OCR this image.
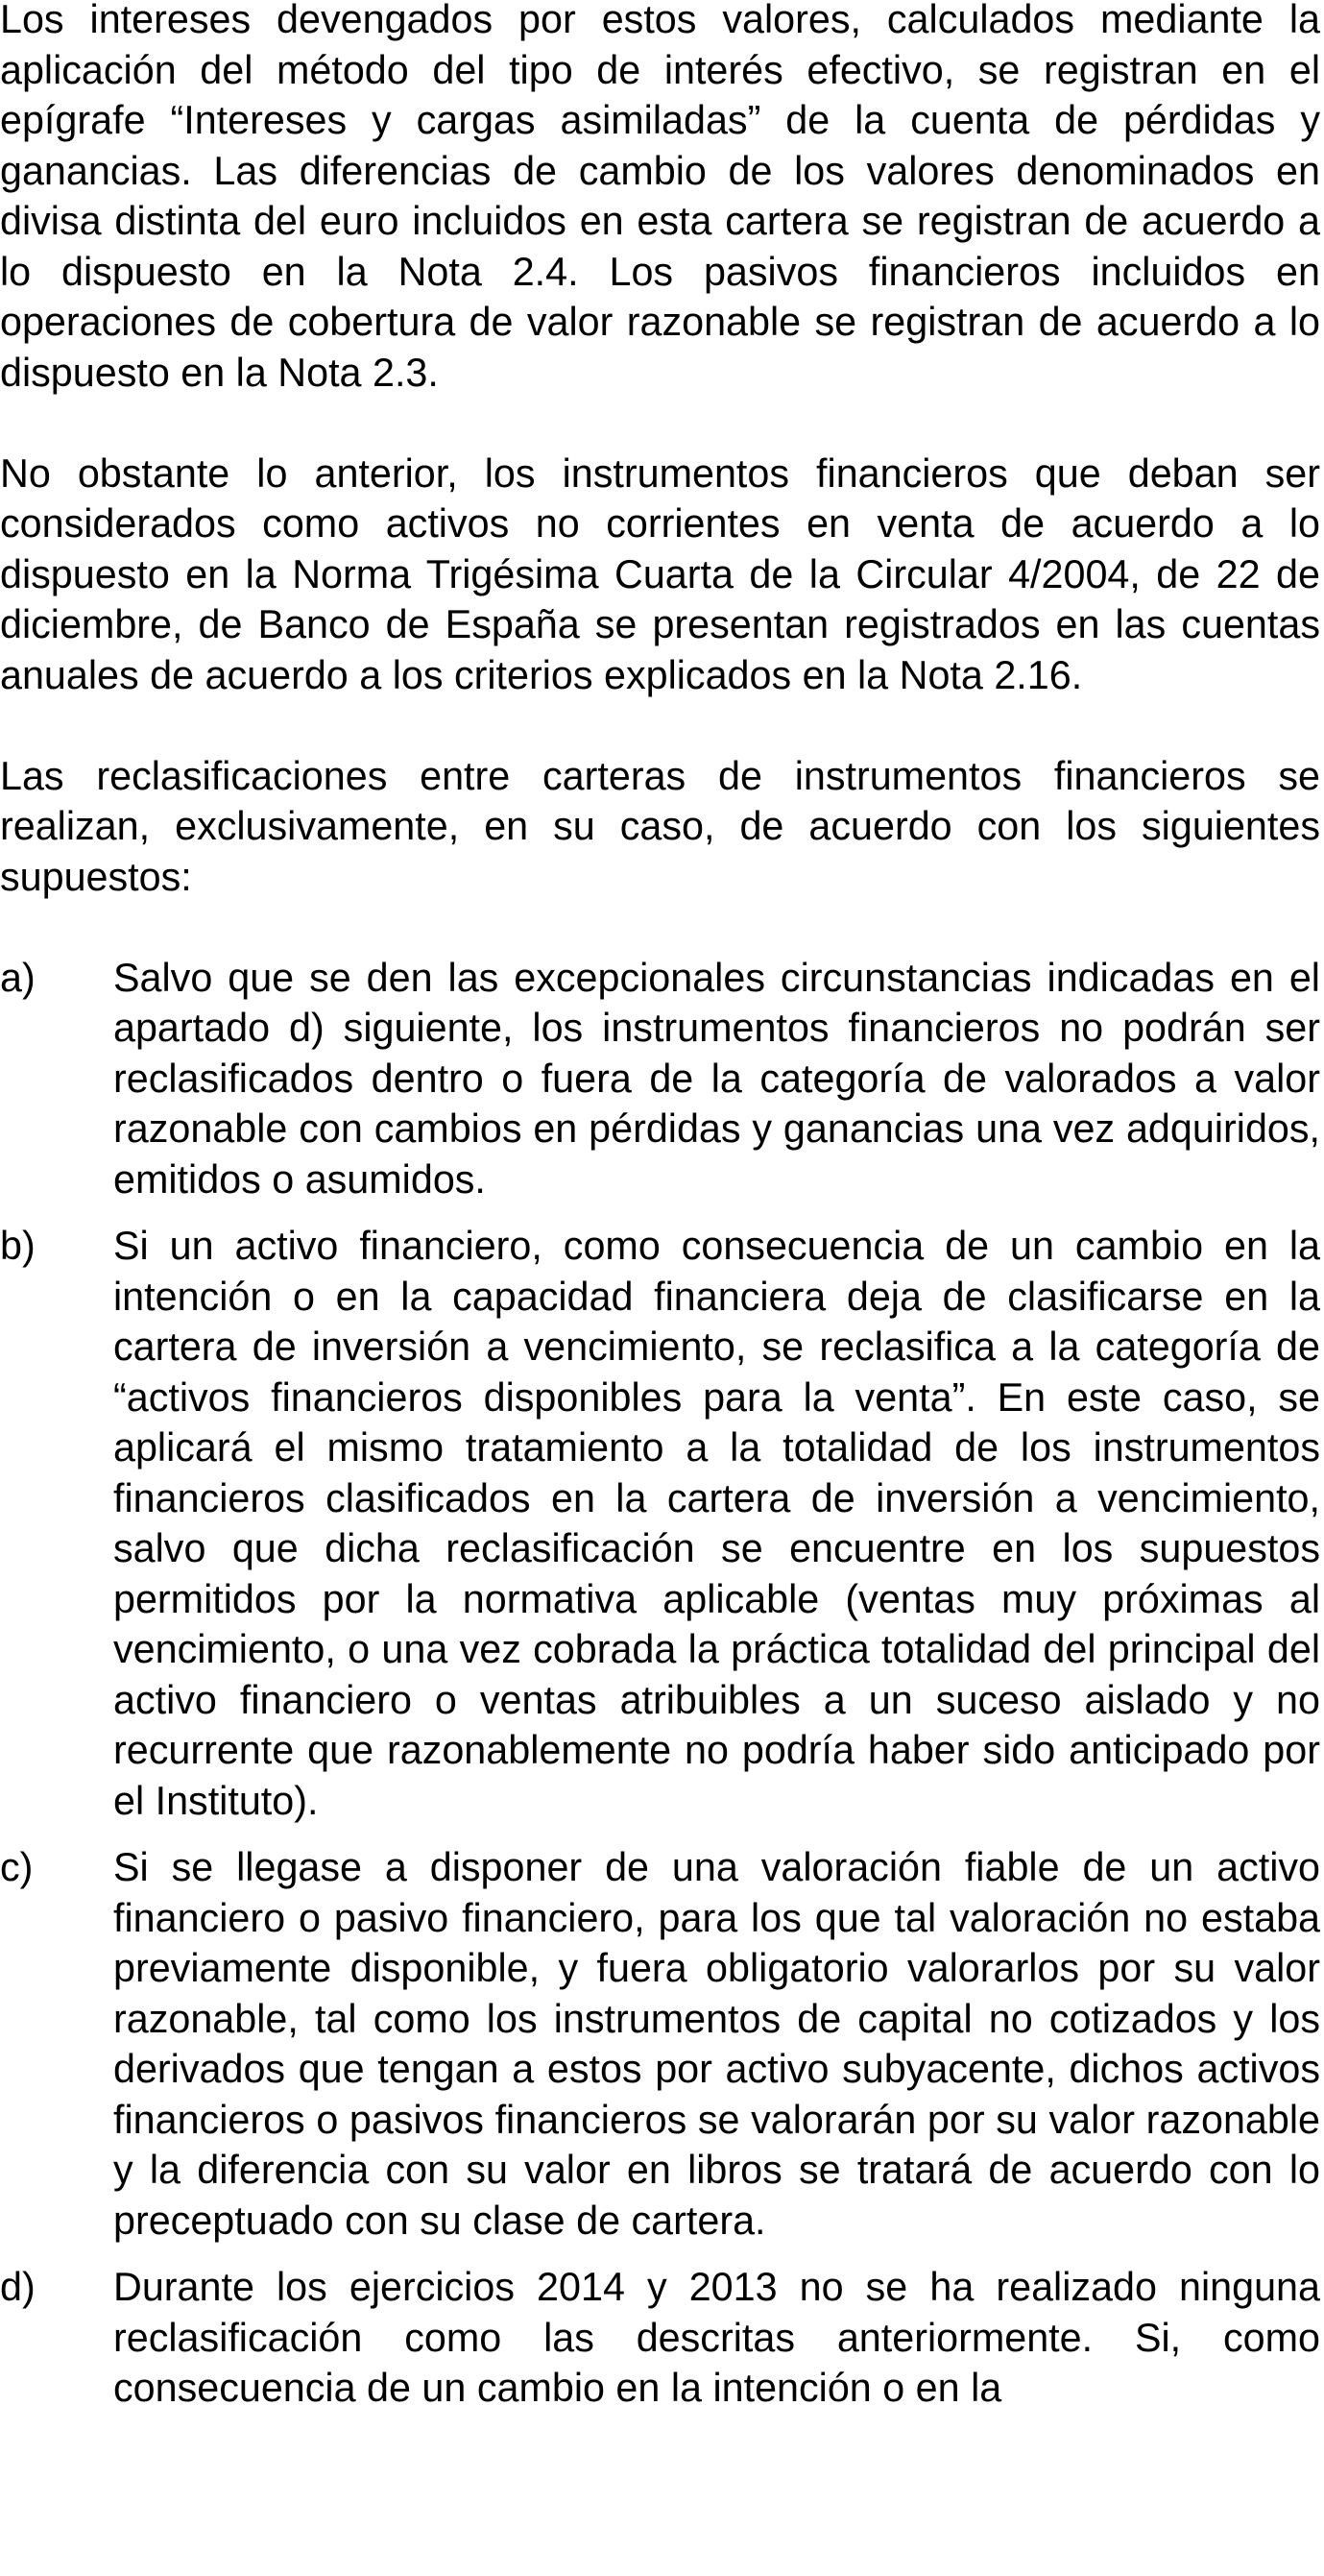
Los intereses devengados por estos valores, calculados mediante la aplicación del método del tipo de interés efectivo, se registran en el epígrafe “Intereses y cargas asimiladas” de la cuenta de pérdidas y ganancias. Las diferencias de cambio de los valores denominados en divisa distinta del euro incluidos en esta cartera se registran de acuerdo a lo dispuesto en la Nota 2.4. Los pasivos financieros incluidos en operaciones de cobertura de valor razonable se registran de acuerdo a lo dispuesto en la Nota 2.3.

No obstante lo anterior, los instrumentos financieros que deban ser considerados como activos no corrientes en venta de acuerdo a lo dispuesto en la Norma Trigésima Cuarta de la Circular 4/2004, de 22 de diciembre, de Banco de España se presentan registrados en las cuentas anuales de acuerdo a los criterios explicados en la Nota 2.16.

Las reclasificaciones entre carteras de instrumentos financieros se realizan, exclusivamente, en su caso, de acuerdo con los siguientes supuestos:

a)	Salvo que se den las excepcionales circunstancias indicadas en el apartado d) siguiente, los instrumentos financieros no podrán ser reclasificados dentro o fuera de la categoría de valorados a valor razonable con cambios en pérdidas y ganancias una vez adquiridos, emitidos o asumidos.

b)	Si un activo financiero, como consecuencia de un cambio en la intención o en la capacidad financiera deja de clasificarse en la cartera de inversión a vencimiento, se reclasifica a la categoría de “activos financieros disponibles para la venta”. En este caso, se aplicará el mismo tratamiento a la totalidad de los instrumentos financieros clasificados en la cartera de inversión a vencimiento, salvo que dicha reclasificación se encuentre en los supuestos permitidos por la normativa aplicable (ventas muy próximas al vencimiento, o una vez cobrada la práctica totalidad del principal del activo financiero o ventas atribuibles a un suceso aislado y no recurrente que razonablemente no podría haber sido anticipado por el Instituto).

c)	Si se llegase a disponer de una valoración fiable de un activo financiero o pasivo financiero, para los que tal valoración no estaba previamente disponible, y fuera obligatorio valorarlos por su valor razonable, tal como los instrumentos de capital no cotizados y los derivados que tengan a estos por activo subyacente, dichos activos financieros o pasivos financieros se valorarán por su valor razonable y la diferencia con su valor en libros se tratará de acuerdo con lo preceptuado con su clase de cartera.

d)	Durante los ejercicios 2014 y 2013 no se ha realizado ninguna reclasificación como las descritas anteriormente. Si, como consecuencia de un cambio en la intención o en la
